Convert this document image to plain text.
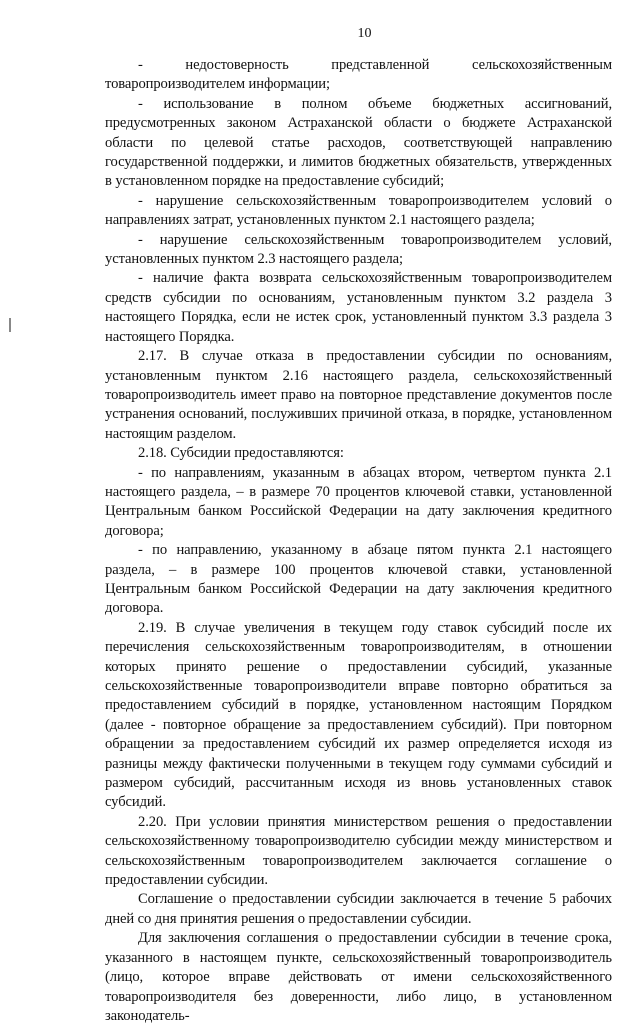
10

- недостоверность представленной сельскохозяйственным товаропроизводителем информации;

- использование в полном объеме бюджетных ассигнований, предусмотренных законом Астраханской области о бюджете Астраханской области по целевой статье расходов, соответствующей направлению государственной поддержки, и лимитов бюджетных обязательств, утвержденных в установленном порядке на предоставление субсидий;

- нарушение сельскохозяйственным товаропроизводителем условий о направлениях затрат, установленных пунктом 2.1 настоящего раздела;

- нарушение сельскохозяйственным товаропроизводителем условий, установленных пунктом 2.3 настоящего раздела;

- наличие факта возврата сельскохозяйственным товаропроизводителем средств субсидии по основаниям, установленным пунктом 3.2 раздела 3 настоящего Порядка, если не истек срок, установленный пунктом 3.3 раздела 3 настоящего Порядка.

2.17. В случае отказа в предоставлении субсидии по основаниям, установленным пунктом 2.16 настоящего раздела, сельскохозяйственный товаропроизводитель имеет право на повторное представление документов после устранения оснований, послуживших причиной отказа, в порядке, установленном настоящим разделом.

2.18. Субсидии предоставляются:

- по направлениям, указанным в абзацах втором, четвертом пункта 2.1 настоящего раздела, – в размере 70 процентов ключевой ставки, установленной Центральным банком Российской Федерации на дату заключения кредитного договора;

- по направлению, указанному в абзаце пятом пункта 2.1 настоящего раздела, – в размере 100 процентов ключевой ставки, установленной Центральным банком Российской Федерации на дату заключения кредитного договора.

2.19. В случае увеличения в текущем году ставок субсидий после их перечисления сельскохозяйственным товаропроизводителям, в отношении которых принято решение о предоставлении субсидий, указанные сельскохозяйственные товаропроизводители вправе повторно обратиться за предоставлением субсидий в порядке, установленном настоящим Порядком (далее - повторное обращение за предоставлением субсидий). При повторном обращении за предоставлением субсидий их размер определяется исходя из разницы между фактически полученными в текущем году суммами субсидий и размером субсидий, рассчитанным исходя из вновь установленных ставок субсидий.

2.20. При условии принятия министерством решения о предоставлении сельскохозяйственному товаропроизводителю субсидии между министерством и сельскохозяйственным товаропроизводителем заключается соглашение о предоставлении субсидии.

Соглашение о предоставлении субсидии заключается в течение 5 рабочих дней со дня принятия решения о предоставлении субсидии.

Для заключения соглашения о предоставлении субсидии в течение срока, указанного в настоящем пункте, сельскохозяйственный товаропроизводитель (лицо, которое вправе действовать от имени сельскохозяйственного товаропроизводителя без доверенности, либо лицо, в установленном законодатель-
